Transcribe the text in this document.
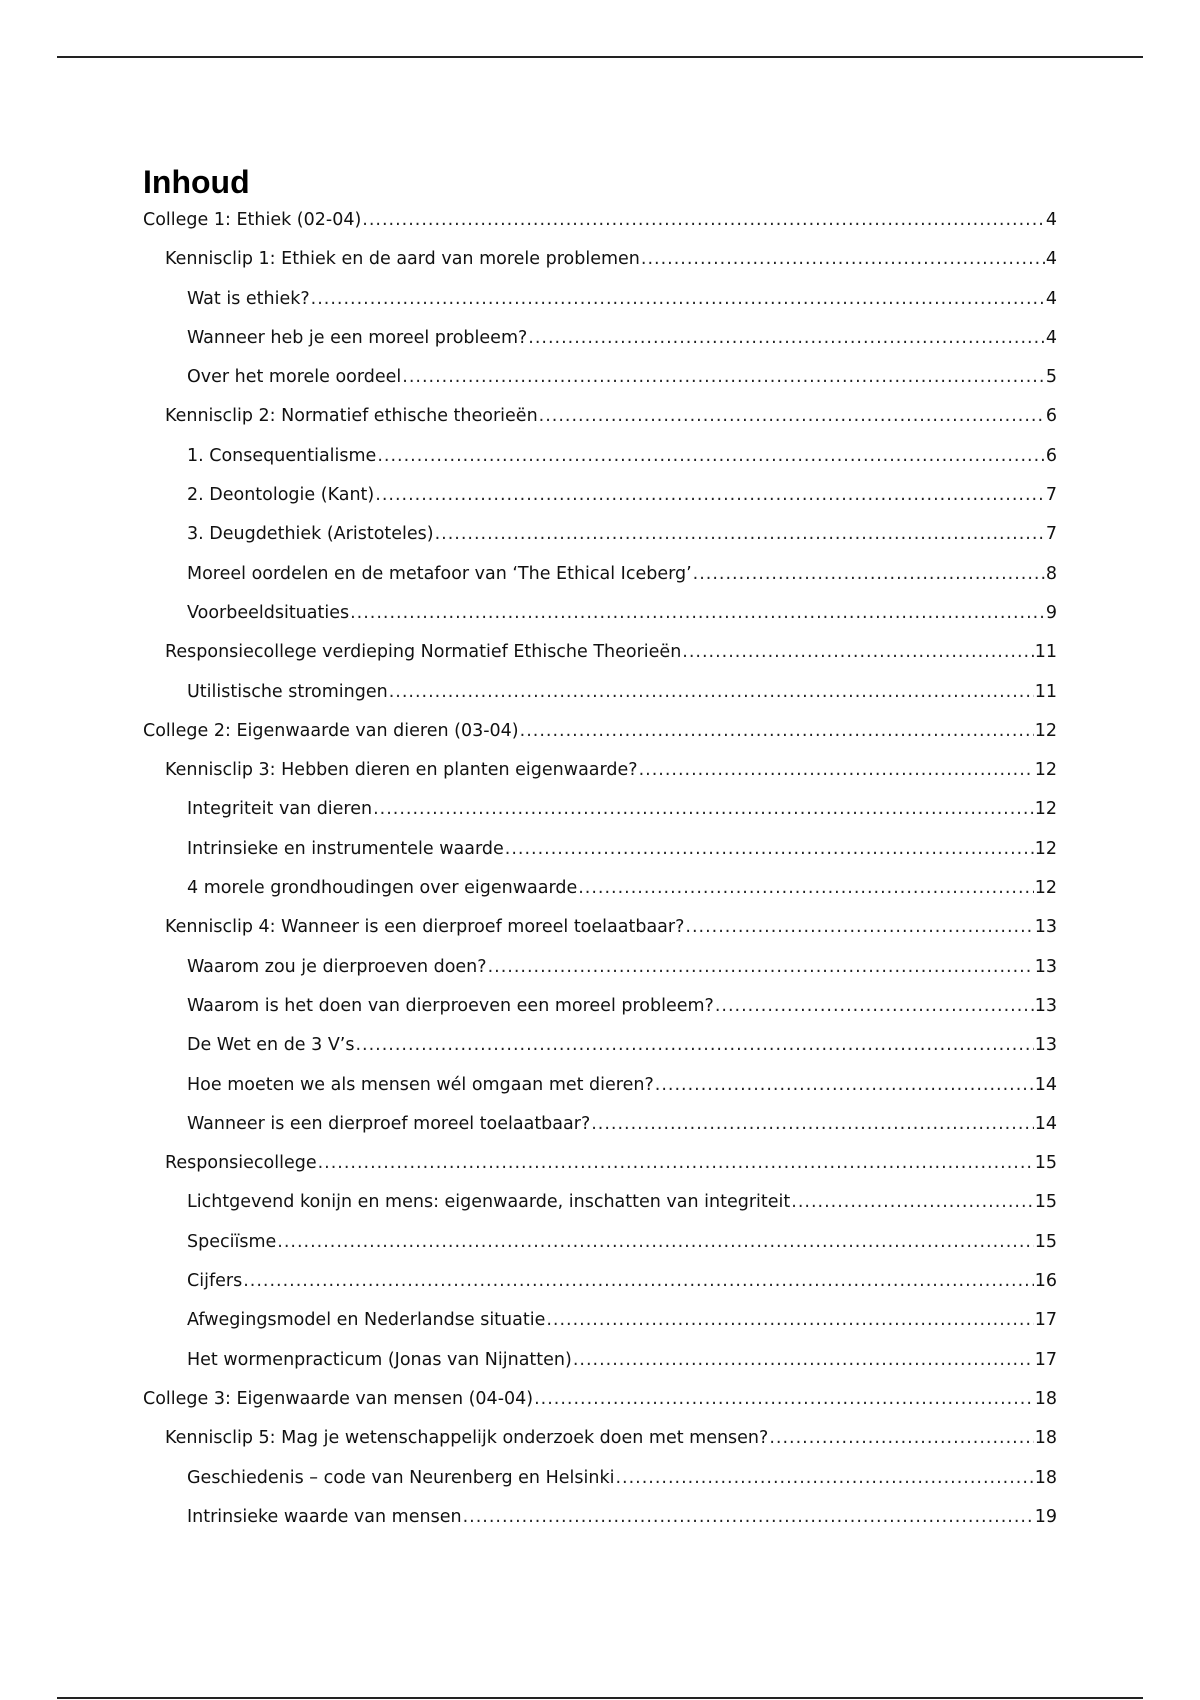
Inhoud
College 1: Ethiek (02-04) .....	4
Kennisclip 1: Ethiek en de aard van morele problemen .....	4
Wat is ethiek? .....	4
Wanneer heb je een moreel probleem? .....	4
Over het morele oordeel .....	5
Kennisclip 2: Normatief ethische theorieën .....	6
1. Consequentialisme .....	6
2. Deontologie (Kant) .....	7
3. Deugdethiek (Aristoteles) .....	7
Moreel oordelen en de metafoor van ‘The Ethical Iceberg’ .....	8
Voorbeeldsituaties .....	9
Responsiecollege verdieping Normatief Ethische Theorieën .....	11
Utilistische stromingen .....	11
College 2: Eigenwaarde van dieren (03-04) .....	12
Kennisclip 3: Hebben dieren en planten eigenwaarde? .....	12
Integriteit van dieren .....	12
Intrinsieke en instrumentele waarde .....	12
4 morele grondhoudingen over eigenwaarde .....	12
Kennisclip 4: Wanneer is een dierproef moreel toelaatbaar? .....	13
Waarom zou je dierproeven doen? .....	13
Waarom is het doen van dierproeven een moreel probleem? .....	13
De Wet en de 3 V’s .....	13
Hoe moeten we als mensen wél omgaan met dieren? .....	14
Wanneer is een dierproef moreel toelaatbaar? .....	14
Responsiecollege .....	15
Lichtgevend konijn en mens: eigenwaarde, inschatten van integriteit .....	15
Speciïsme .....	15
Cijfers .....	16
Afwegingsmodel en Nederlandse situatie .....	17
Het wormenpracticum (Jonas van Nijnatten) .....	17
College 3: Eigenwaarde van mensen (04-04) .....	18
Kennisclip 5: Mag je wetenschappelijk onderzoek doen met mensen? .....	18
Geschiedenis – code van Neurenberg en Helsinki .....	18
Intrinsieke waarde van mensen .....	19
